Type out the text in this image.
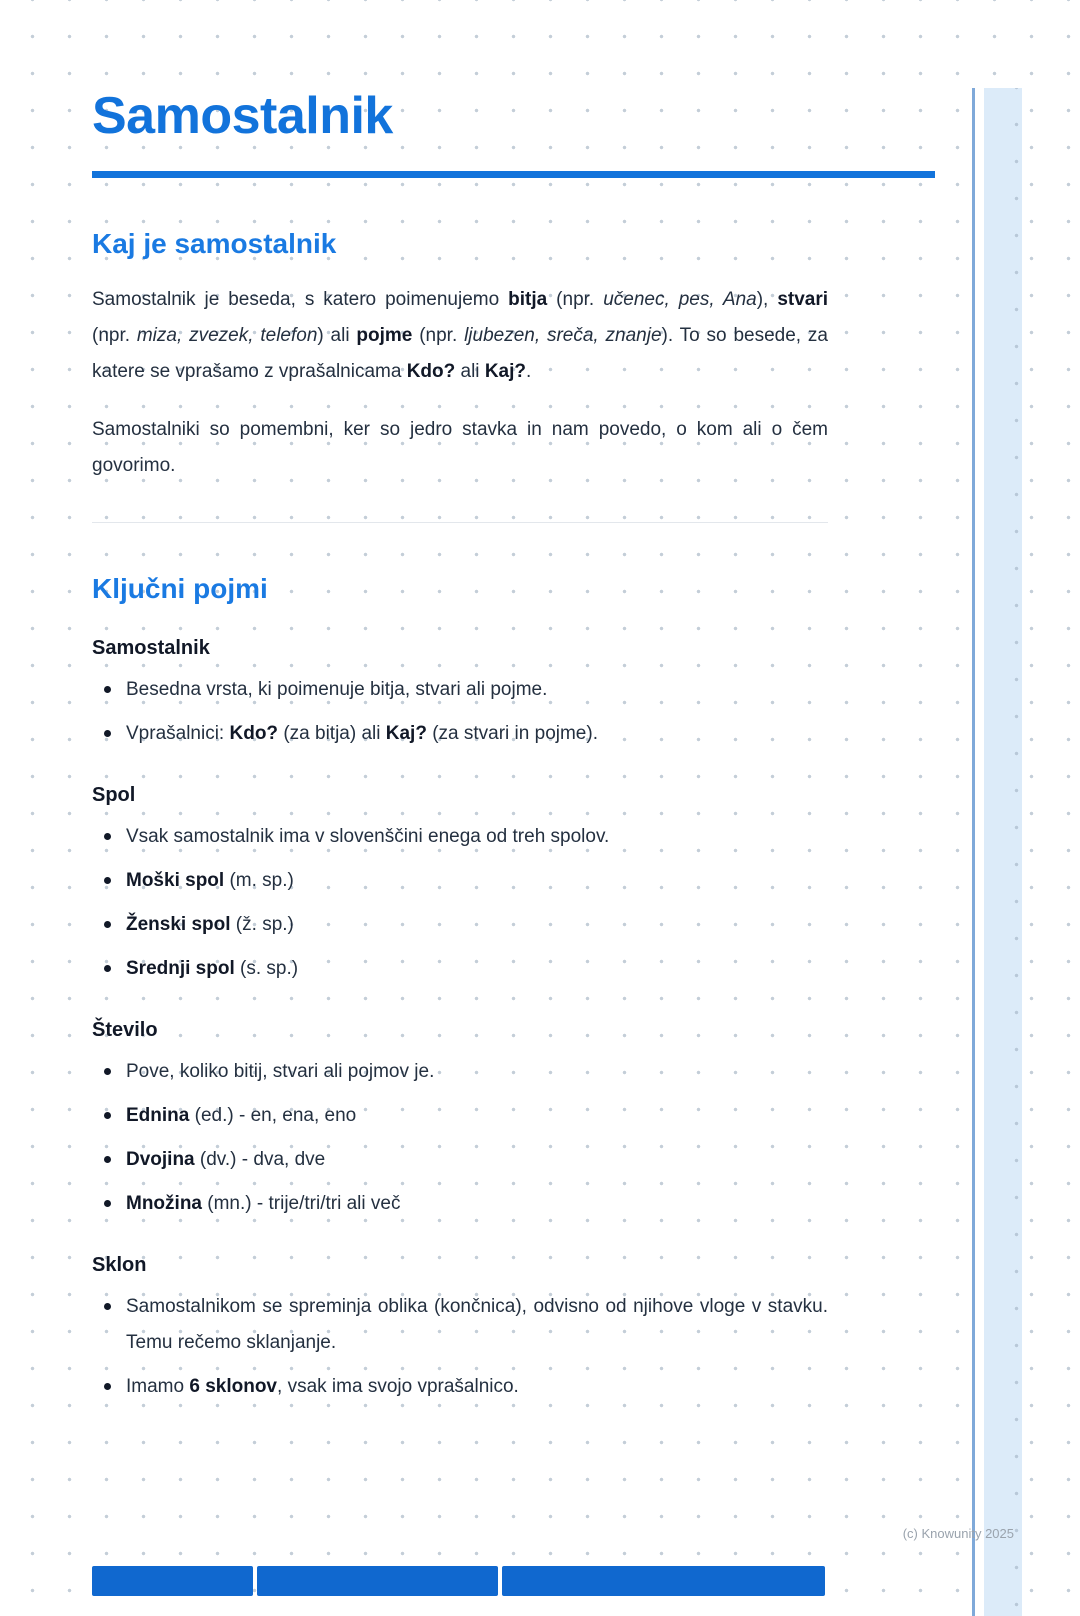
Samostalnik
Kaj je samostalnik

Samostalnik je beseda, s katero poimenujemo bitja (npr. učenec, pes, Ana), stvari (npr. miza, zvezek, telefon) ali pojme (npr. ljubezen, sreča, znanje). To so besede, za katere se vprašamo z vprašalnicama Kdo? ali Kaj?.

Samostalniki so pomembni, ker so jedro stavka in nam povedo, o kom ali o čem govorimo.

Ključni pojmi
Samostalnik
Besedna vrsta, ki poimenuje bitja, stvari ali pojme.
Vprašalnici: Kdo? (za bitja) ali Kaj? (za stvari in pojme).
Spol
Vsak samostalnik ima v slovenščini enega od treh spolov.
Moški spol (m. sp.)
Ženski spol (ž. sp.)
Srednji spol (s. sp.)
Število
Pove, koliko bitij, stvari ali pojmov je.
Ednina (ed.) - en, ena, eno
Dvojina (dv.) - dva, dve
Množina (mn.) - trije/tri/tri ali več
Sklon
Samostalnikom se spreminja oblika (končnica), odvisno od njihove vloge v stavku. Temu rečemo sklanjanje.
Imamo 6 sklonov, vsak ima svojo vprašalnico.
(c) Knowunity 2025
